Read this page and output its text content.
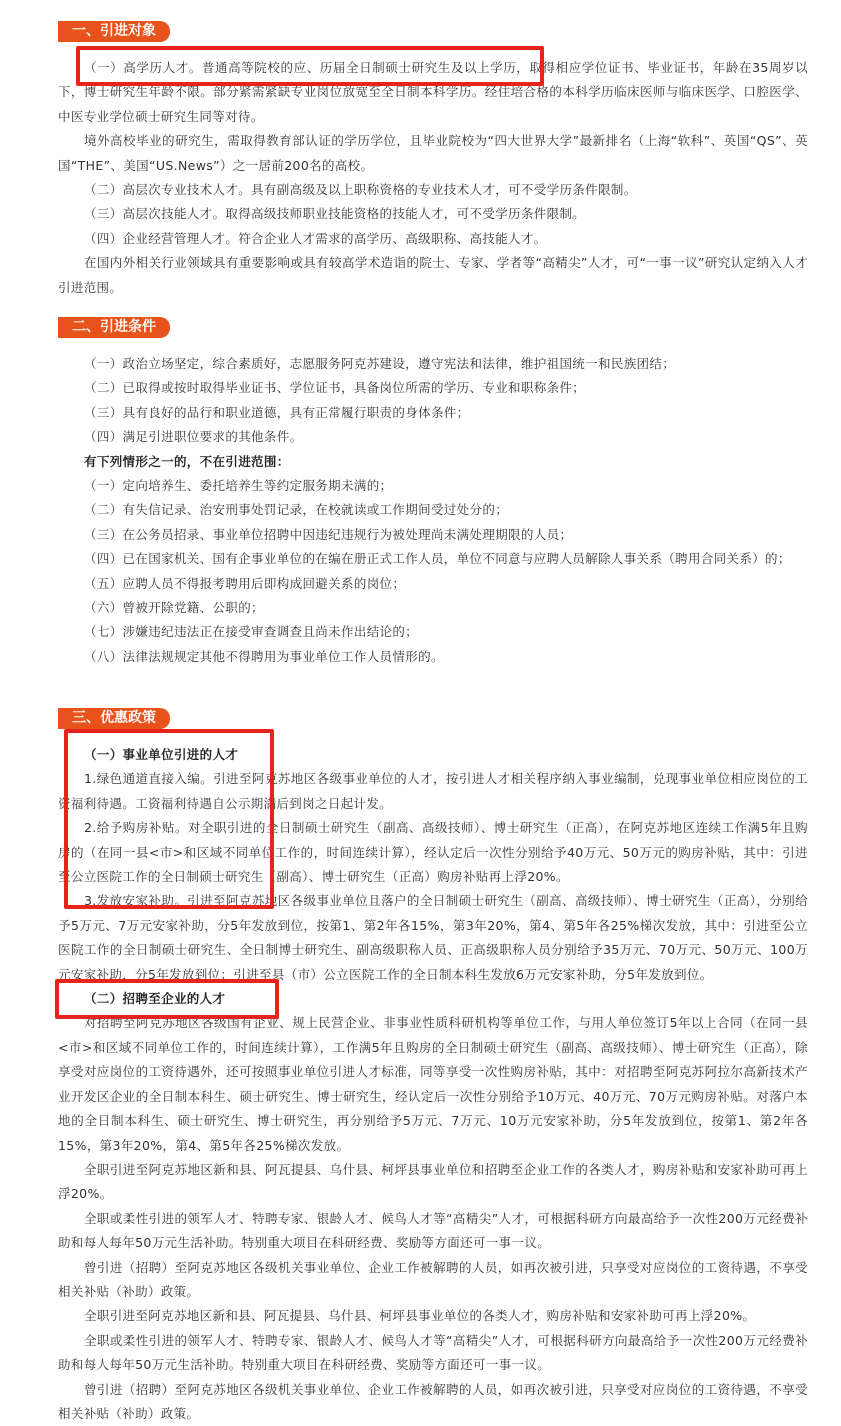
一、引进对象

（一）高学历人才。普通高等院校的应、历届全日制硕士研究生及以上学历，取得相应学位证书、毕业证书，年龄在35周岁以下，博士研究生年龄不限。部分紧需紧缺专业岗位放宽至全日制本科学历。经住培合格的本科学历临床医师与临床医学、口腔医学、中医专业学位硕士研究生同等对待。

境外高校毕业的研究生，需取得教育部认证的学历学位，且毕业院校为“四大世界大学”最新排名（上海“软科”、英国“QS”、英国“THE”、美国“US.News”）之一居前200名的高校。

（二）高层次专业技术人才。具有副高级及以上职称资格的专业技术人才，可不受学历条件限制。

（三）高层次技能人才。取得高级技师职业技能资格的技能人才，可不受学历条件限制。

（四）企业经营管理人才。符合企业人才需求的高学历、高级职称、高技能人才。

在国内外相关行业领域具有重要影响或具有较高学术造诣的院士、专家、学者等“高精尖”人才，可“一事一议”研究认定纳入人才引进范围。

二、引进条件

（一）政治立场坚定，综合素质好，志愿服务阿克苏建设，遵守宪法和法律，维护祖国统一和民族团结；

（二）已取得或按时取得毕业证书、学位证书，具备岗位所需的学历、专业和职称条件；

（三）具有良好的品行和职业道德，具有正常履行职责的身体条件；

（四）满足引进职位要求的其他条件。

有下列情形之一的，不在引进范围：

（一）定向培养生、委托培养生等约定服务期未满的；

（二）有失信记录、治安刑事处罚记录，在校就读或工作期间受过处分的；

（三）在公务员招录、事业单位招聘中因违纪违规行为被处理尚未满处理期限的人员；

（四）已在国家机关、国有企事业单位的在编在册正式工作人员，单位不同意与应聘人员解除人事关系（聘用合同关系）的；

（五）应聘人员不得报考聘用后即构成回避关系的岗位；

（六）曾被开除党籍、公职的；

（七）涉嫌违纪违法正在接受审查调查且尚未作出结论的；

（八）法律法规规定其他不得聘用为事业单位工作人员情形的。

三、优惠政策

（一）事业单位引进的人才

1.绿色通道直接入编。引进至阿克苏地区各级事业单位的人才，按引进人才相关程序纳入事业编制，兑现事业单位相应岗位的工资福利待遇。工资福利待遇自公示期满后到岗之日起计发。

2.给予购房补贴。对全职引进的全日制硕士研究生（副高、高级技师）、博士研究生（正高），在阿克苏地区连续工作满5年且购房的（在同一县<市>和区域不同单位工作的，时间连续计算），经认定后一次性分别给予40万元、50万元的购房补贴，其中：引进至公立医院工作的全日制硕士研究生（副高）、博士研究生（正高）购房补贴再上浮20%。

3.发放安家补助。引进至阿克苏地区各级事业单位且落户的全日制硕士研究生（副高、高级技师）、博士研究生（正高），分别给予5万元、7万元安家补助，分5年发放到位，按第1、第2年各15%，第3年20%，第4、第5年各25%梯次发放，其中：引进至公立医院工作的全日制硕士研究生、全日制博士研究生、副高级职称人员、正高级职称人员分别给予35万元、70万元、50万元、100万元安家补助，分5年发放到位；引进至县（市）公立医院工作的全日制本科生发放6万元安家补助，分5年发放到位。

（二）招聘至企业的人才

对招聘至阿克苏地区各级国有企业、规上民营企业、非事业性质科研机构等单位工作，与用人单位签订5年以上合同（在同一县<市>和区域不同单位工作的，时间连续计算），工作满5年且购房的全日制硕士研究生（副高、高级技师）、博士研究生（正高），除享受对应岗位的工资待遇外，还可按照事业单位引进人才标准，同等享受一次性购房补贴，其中：对招聘至阿克苏阿拉尔高新技术产业开发区企业的全日制本科生、硕士研究生、博士研究生，经认定后一次性分别给予10万元、40万元、70万元购房补贴。对落户本地的全日制本科生、硕士研究生、博士研究生，再分别给予5万元、7万元、10万元安家补助，分5年发放到位，按第1、第2年各15%，第3年20%，第4、第5年各25%梯次发放。

全职引进至阿克苏地区新和县、阿瓦提县、乌什县、柯坪县事业单位和招聘至企业工作的各类人才，购房补贴和安家补助可再上浮20%。

全职或柔性引进的领军人才、特聘专家、银龄人才、候鸟人才等“高精尖”人才，可根据科研方向最高给予一次性200万元经费补助和每人每年50万元生活补助。特别重大项目在科研经费、奖励等方面还可一事一议。

曾引进（招聘）至阿克苏地区各级机关事业单位、企业工作被解聘的人员，如再次被引进，只享受对应岗位的工资待遇，不享受相关补贴（补助）政策。

全职引进至阿克苏地区新和县、阿瓦提县、乌什县、柯坪县事业单位的各类人才，购房补贴和安家补助可再上浮20%。

全职或柔性引进的领军人才、特聘专家、银龄人才、候鸟人才等“高精尖”人才，可根据科研方向最高给予一次性200万元经费补助和每人每年50万元生活补助。特别重大项目在科研经费、奖励等方面还可一事一议。

曾引进（招聘）至阿克苏地区各级机关事业单位、企业工作被解聘的人员，如再次被引进，只享受对应岗位的工资待遇，不享受相关补贴（补助）政策。
